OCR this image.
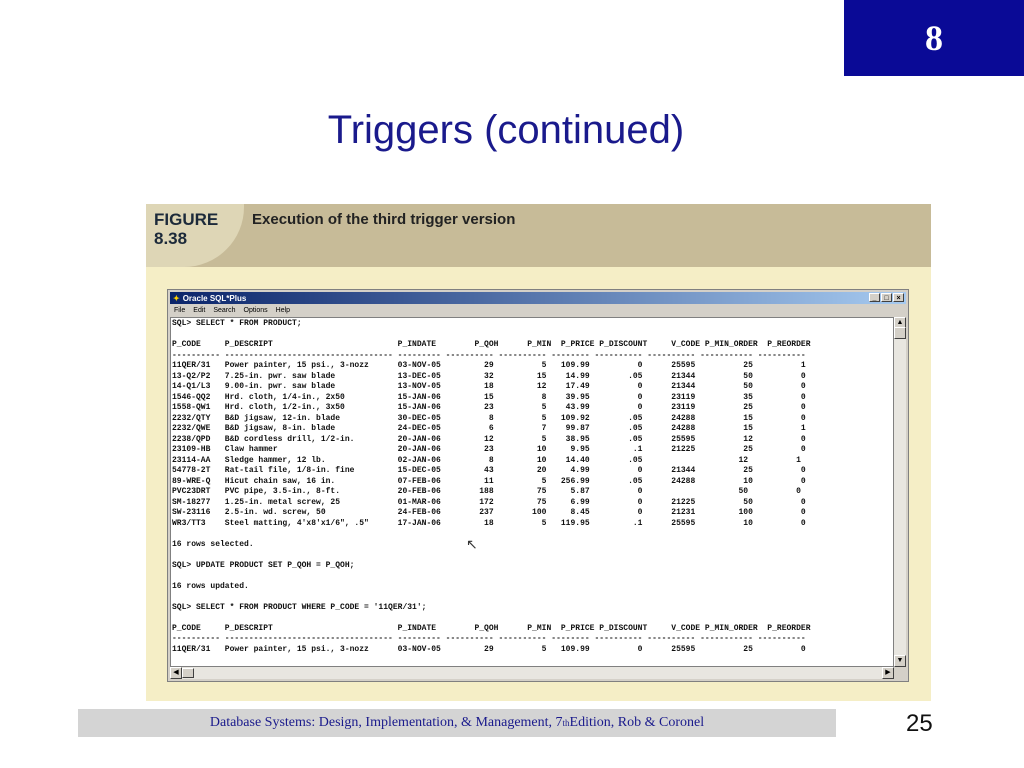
8
Triggers (continued)
FIGURE
8.38
Execution of the third trigger version
✦ Oracle SQL*Plus	_	□	×
File Edit Search Options Help
SQL> SELECT * FROM PRODUCT;

P_CODE     P_DESCRIPT                          P_INDATE        P_QOH      P_MIN  P_PRICE P_DISCOUNT     V_CODE P_MIN_ORDER  P_REORDER
---------- ----------------------------------- --------- ---------- ---------- -------- ---------- ---------- ----------- ----------
11QER/31   Power painter, 15 psi., 3-nozz      03-NOV-05         29          5   109.99          0      25595          25          1
13-Q2/P2   7.25-in. pwr. saw blade             13-DEC-05         32         15    14.99        .05      21344          50          0
14-Q1/L3   9.00-in. pwr. saw blade             13-NOV-05         18         12    17.49          0      21344          50          0
1546-QQ2   Hrd. cloth, 1/4-in., 2x50           15-JAN-06         15          8    39.95          0      23119          35          0
1558-QW1   Hrd. cloth, 1/2-in., 3x50           15-JAN-06         23          5    43.99          0      23119          25          0
2232/QTY   B&D jigsaw, 12-in. blade            30-DEC-05          8          5   109.92        .05      24288          15          0
2232/QWE   B&D jigsaw, 8-in. blade             24-DEC-05          6          7    99.87        .05      24288          15          1
2238/QPD   B&D cordless drill, 1/2-in.         20-JAN-06         12          5    38.95        .05      25595          12          0
23109-HB   Claw hammer                         20-JAN-06         23         10     9.95         .1      21225          25          0
23114-AA   Sledge hammer, 12 lb.               02-JAN-06          8         10    14.40        .05                    12          1
54778-2T   Rat-tail file, 1/8-in. fine         15-DEC-05         43         20     4.99          0      21344          25          0
89-WRE-Q   Hicut chain saw, 16 in.             07-FEB-06         11          5   256.99        .05      24288          10          0
PVC23DRT   PVC pipe, 3.5-in., 8-ft.            20-FEB-06        188         75     5.87          0                    50          0
SM-18277   1.25-in. metal screw, 25            01-MAR-06        172         75     6.99          0      21225          50          0
SW-23116   2.5-in. wd. screw, 50               24-FEB-06        237        100     8.45          0      21231         100          0
WR3/TT3    Steel matting, 4'x8'x1/6", .5"      17-JAN-06         18          5   119.95         .1      25595          10          0

16 rows selected.

SQL> UPDATE PRODUCT SET P_QOH = P_QOH;

16 rows updated.

SQL> SELECT * FROM PRODUCT WHERE P_CODE = '11QER/31';

P_CODE     P_DESCRIPT                          P_INDATE        P_QOH      P_MIN  P_PRICE P_DISCOUNT     V_CODE P_MIN_ORDER  P_REORDER
---------- ----------------------------------- --------- ---------- ---------- -------- ---------- ---------- ----------- ----------
11QER/31   Power painter, 15 psi., 3-nozz      03-NOV-05         29          5   109.99          0      25595          25          0

▲
▼
◀	▶
↖
Database Systems: Design, Implementation, & Management, 7 th Edition, Rob & Coronel	25
